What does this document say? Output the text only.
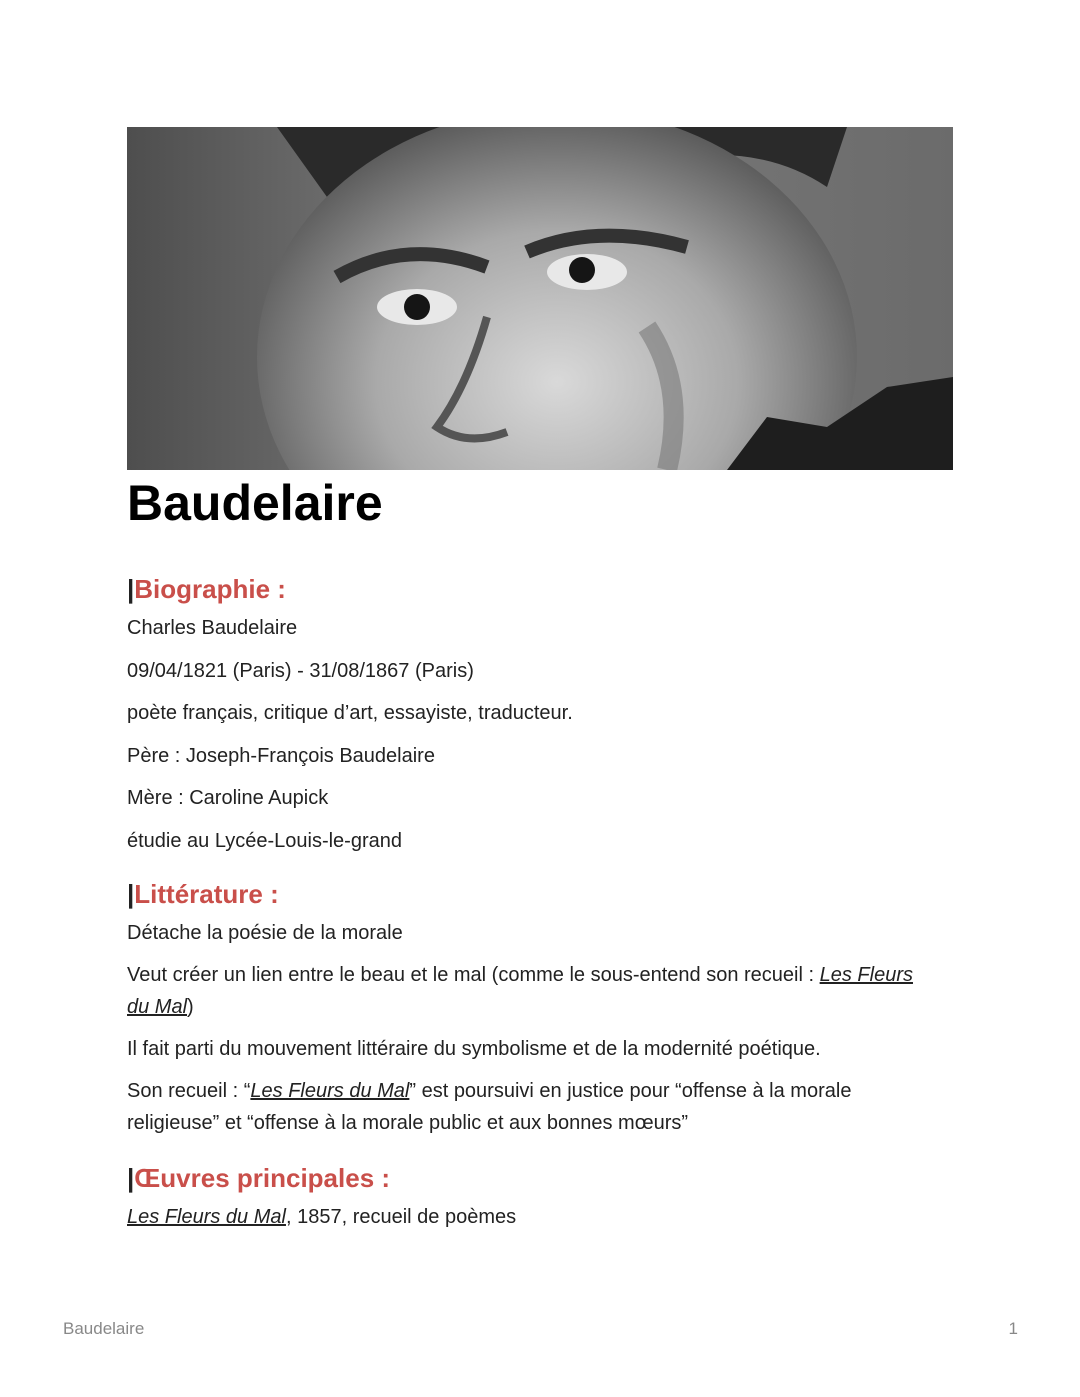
Baudelaire
|Biographie :

Charles Baudelaire

09/04/1821 (Paris) - 31/08/1867 (Paris)

poète français, critique d’art, essayiste, traducteur.

Père : Joseph-François Baudelaire

Mère : Caroline Aupick

étudie au Lycée-Louis-le-grand

|Littérature :

Détache la poésie de la morale

Veut créer un lien entre le beau et le mal (comme le sous-entend son recueil : Les Fleurs du Mal)

Il fait parti du mouvement littéraire du symbolisme et de la modernité poétique.

Son recueil : “Les Fleurs du Mal” est poursuivi en justice pour “offense à la morale religieuse” et “offense à la morale public et aux bonnes mœurs”

|Œuvres principales :

Les Fleurs du Mal, 1857, recueil de poèmes

Baudelaire	1
